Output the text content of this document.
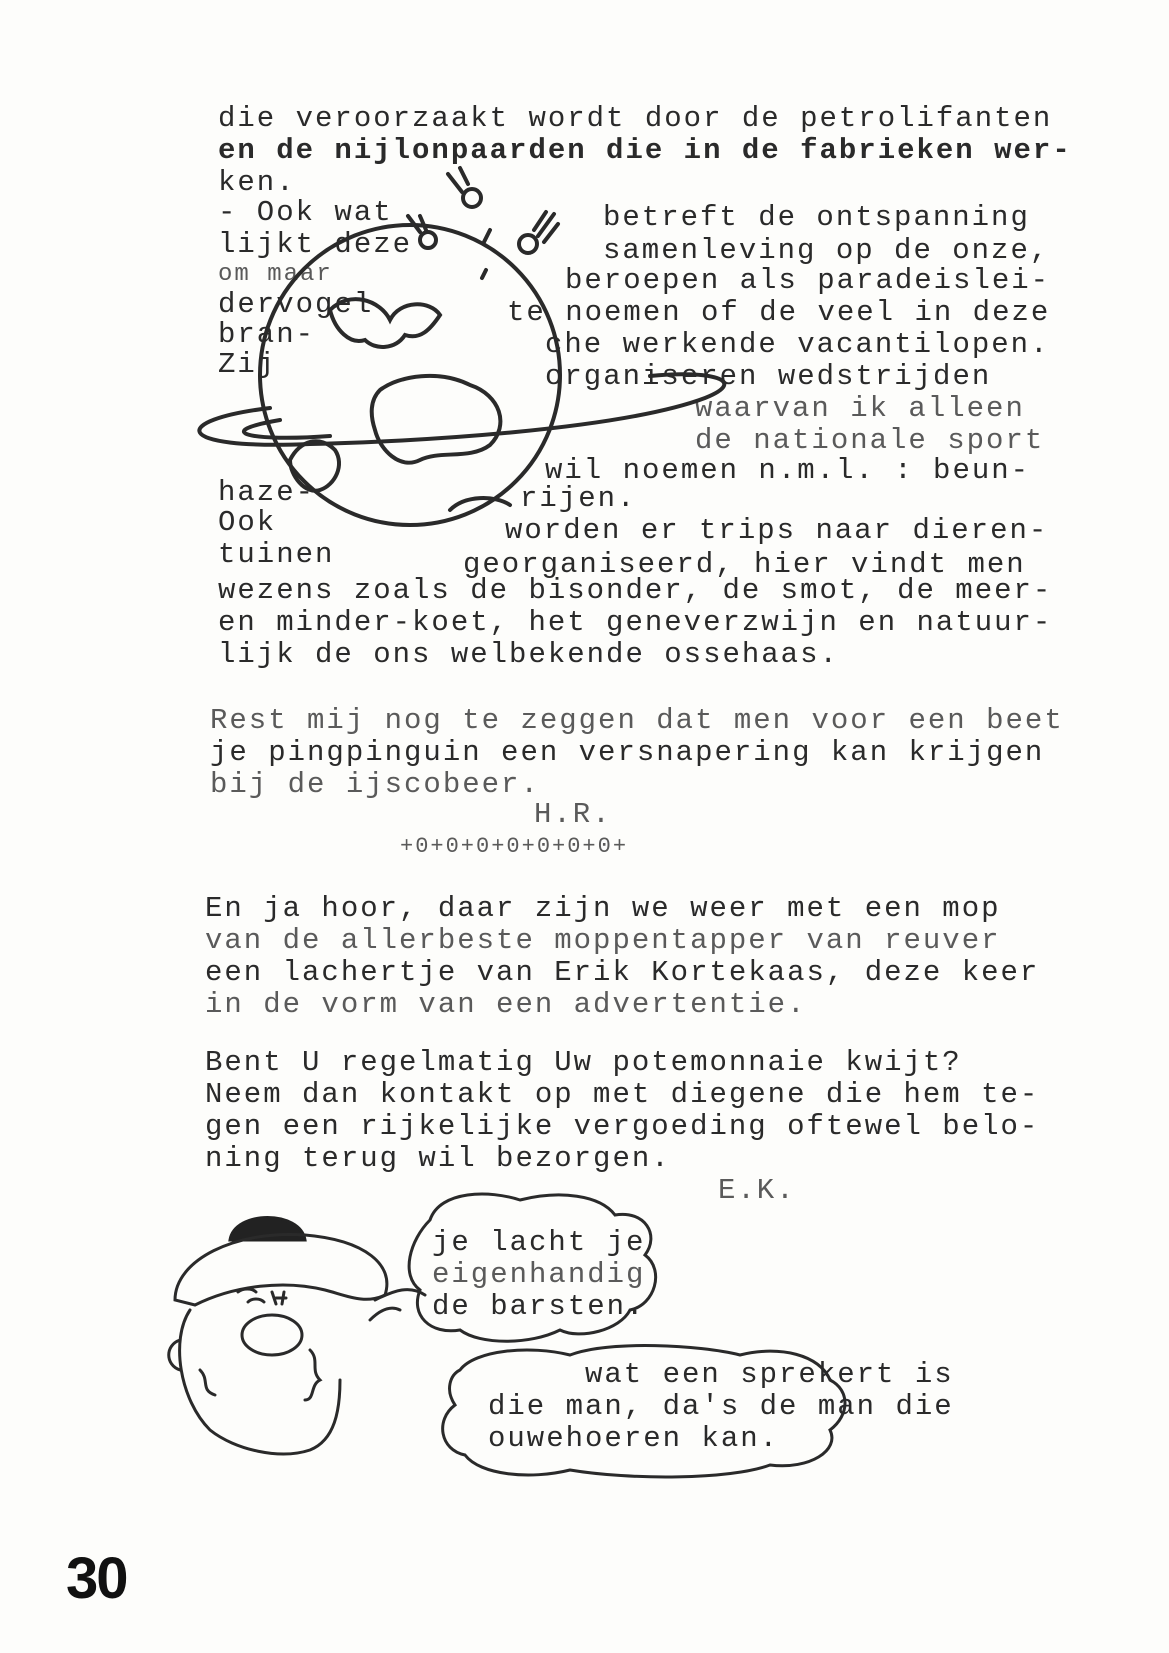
die veroorzaakt wordt door de petrolifanten
en de nijlonpaarden die in de fabrieken wer-
ken.
- Ook wat	betreft de ontspanning
lijkt deze	samenleving op de onze,
om maar	beroepen als paradeislei-
dervogel	te noemen of de veel in deze
bran-	che werkende vacantilopen.
Zij	organiseren wedstrijden
waarvan ik alleen
de nationale sport
wil noemen n.m.l. : beun-
haze-	rijen.
Ook	worden er trips naar dieren-
tuinen	georganiseerd, hier vindt men
wezens zoals de bisonder, de smot, de meer-
en minder-koet, het geneverzwijn en natuur-
lijk de ons welbekende ossehaas.
Rest mij nog te zeggen dat men voor een beet
je pingpinguin een versnapering kan krijgen
bij de ijscobeer.
H.R.
+0+0+0+0+0+0+0+
En ja hoor, daar zijn we weer met een mop
van de allerbeste moppentapper van reuver
een lachertje van Erik Kortekaas, deze keer
in de vorm van een advertentie.
Bent U regelmatig Uw potemonnaie kwijt?
Neem dan kontakt op met diegene die hem te-
gen een rijkelijke vergoeding oftewel belo-
ning terug wil bezorgen.
E.K.
je lacht je
eigenhandig
de barsten.
wat een sprekert is
die man, da's de man die
ouwehoeren kan.
30
